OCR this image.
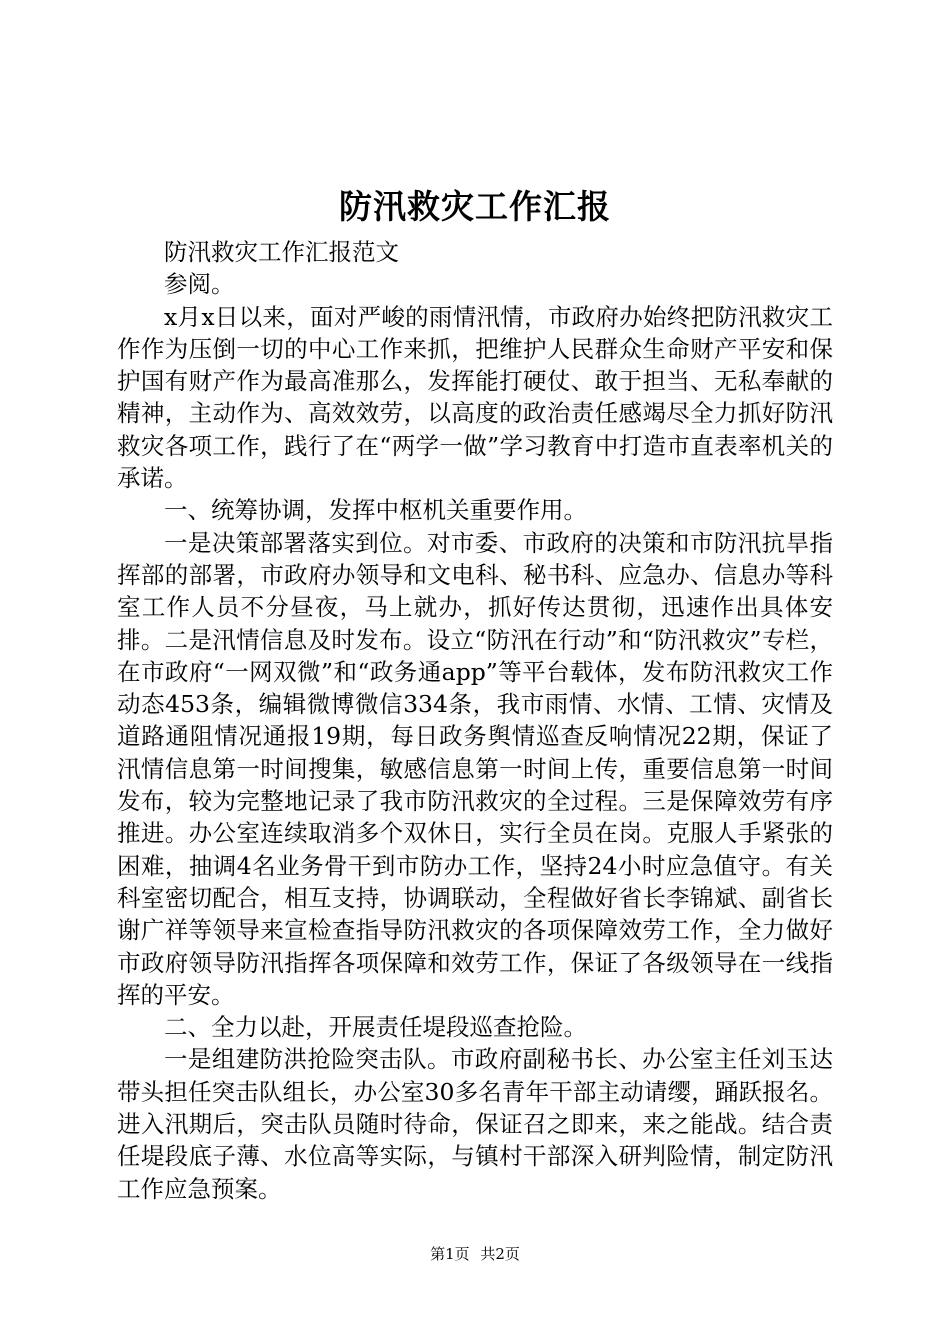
防汛救灾工作汇报

防汛救灾工作汇报范文

参阅。

x月x日以来，面对严峻的雨情汛情，市政府办始终把防汛救灾工作作为压倒一切的中心工作来抓，把维护人民群众生命财产平安和保护国有财产作为最高准那么，发挥能打硬仗、敢于担当、无私奉献的精神，主动作为、高效效劳，以高度的政治责任感竭尽全力抓好防汛救灾各项工作，践行了在“两学一做”学习教育中打造市直表率机关的承诺。

一、统筹协调，发挥中枢机关重要作用。

一是决策部署落实到位。对市委、市政府的决策和市防汛抗旱指挥部的部署，市政府办领导和文电科、秘书科、应急办、信息办等科室工作人员不分昼夜，马上就办，抓好传达贯彻，迅速作出具体安排。二是汛情信息及时发布。设立“防汛在行动”和“防汛救灾”专栏，在市政府“一网双微”和“政务通app”等平台载体，发布防汛救灾工作动态453条，编辑微博微信334条，我市雨情、水情、工情、灾情及道路通阻情况通报19期，每日政务舆情巡查反响情况22期，保证了汛情信息第一时间搜集，敏感信息第一时间上传，重要信息第一时间发布，较为完整地记录了我市防汛救灾的全过程。三是保障效劳有序推进。办公室连续取消多个双休日，实行全员在岗。克服人手紧张的困难，抽调4名业务骨干到市防办工作，坚持24小时应急值守。有关科室密切配合，相互支持，协调联动，全程做好省长李锦斌、副省长谢广祥等领导来宣检查指导防汛救灾的各项保障效劳工作，全力做好市政府领导防汛指挥各项保障和效劳工作，保证了各级领导在一线指挥的平安。

二、全力以赴，开展责任堤段巡查抢险。

一是组建防洪抢险突击队。市政府副秘书长、办公室主任刘玉达带头担任突击队组长，办公室30多名青年干部主动请缨，踊跃报名。进入汛期后，突击队员随时待命，保证召之即来，来之能战。结合责任堤段底子薄、水位高等实际，与镇村干部深入研判险情，制定防汛工作应急预案。

第1页 共2页
